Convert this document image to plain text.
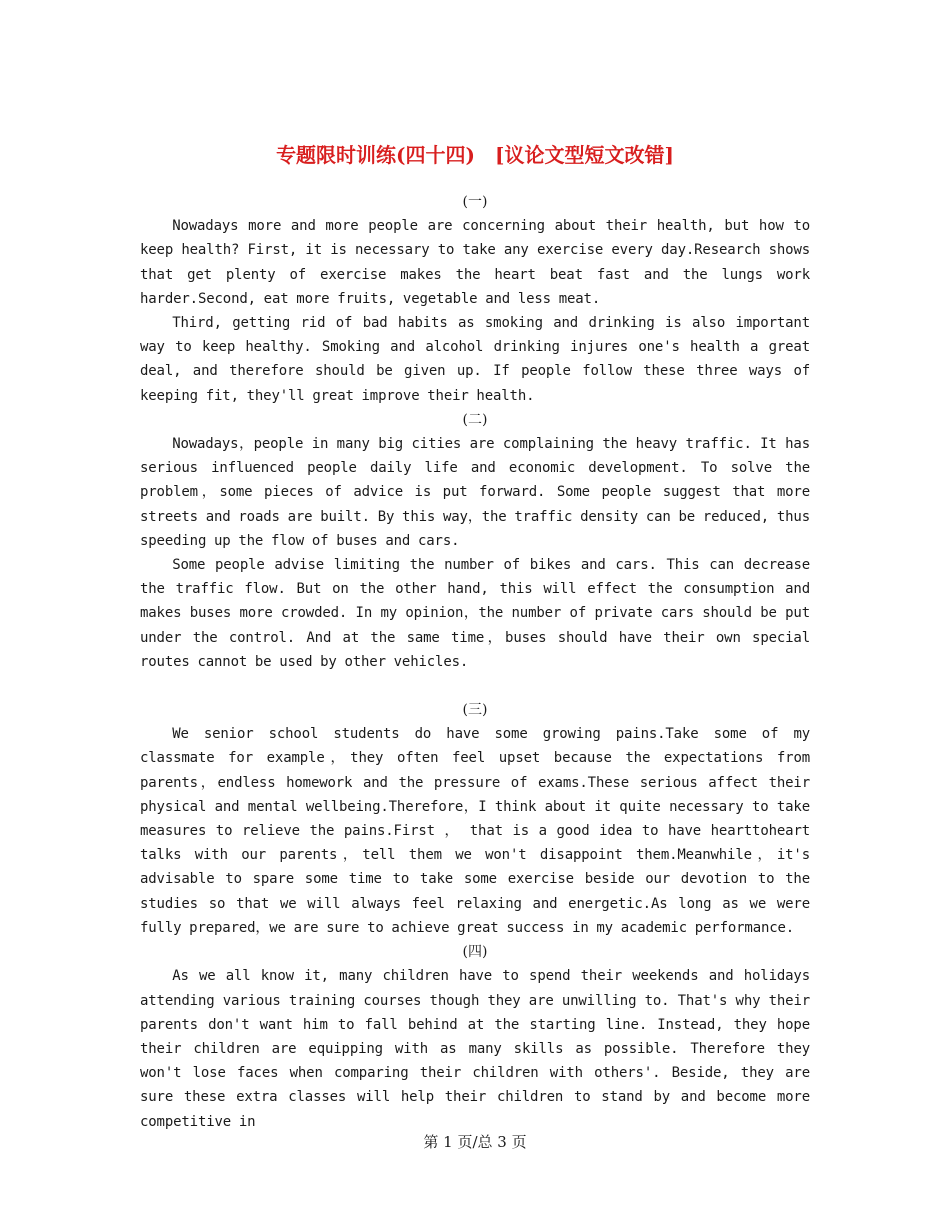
专题限时训练(四十四)　[议论文型短文改错]

(一)

Nowadays more and more people are concerning about their health, but how to keep health? First, it is necessary to take any exercise every day.Research shows that get plenty of exercise makes the heart beat fast and the lungs work harder.Second, eat more fruits, vegetable and less meat.

Third, getting rid of bad habits as smoking and drinking is also important way to keep healthy. Smoking and alcohol drinking injures one's health a great deal, and therefore should be given up. If people follow these three ways of keeping fit, they'll great improve their health.

(二)

Nowadays，people in many big cities are complaining the heavy traffic. It has serious influenced people daily life and economic development. To solve the problem，some pieces of advice is put forward. Some people suggest that more streets and roads are built. By this way，the traffic density can be reduced, thus speeding up the flow of buses and cars.

Some people advise limiting the number of bikes and cars. This can decrease the traffic flow. But on the other hand, this will effect the consumption and makes buses more crowded. In my opinion，the number of private cars should be put under the control. And at the same time，buses should have their own special routes cannot be used by other vehicles.

(三)

We senior school students do have some growing pains.Take some of my classmate for example，they often feel upset because the expectations from parents，endless homework and the pressure of exams.These serious affect their physical and mental wellbeing.Therefore，I think about it quite necessary to take measures to relieve the pains.First ， that is a good idea to have hearttoheart talks with our parents，tell them we won't disappoint them.Meanwhile，it's advisable to spare some time to take some exercise beside our devotion to the studies so that we will always feel relaxing and energetic.As long as we were fully prepared，we are sure to achieve great success in my academic performance.

(四)

As we all know it, many children have to spend their weekends and holidays attending various training courses though they are unwilling to. That's why their parents don't want him to fall behind at the starting line. Instead, they hope their children are equipping with as many skills as possible. Therefore they won't lose faces when comparing their children with others'. Beside, they are sure these extra classes will help their children to stand by and become more competitive in

第 1 页/总 3 页
